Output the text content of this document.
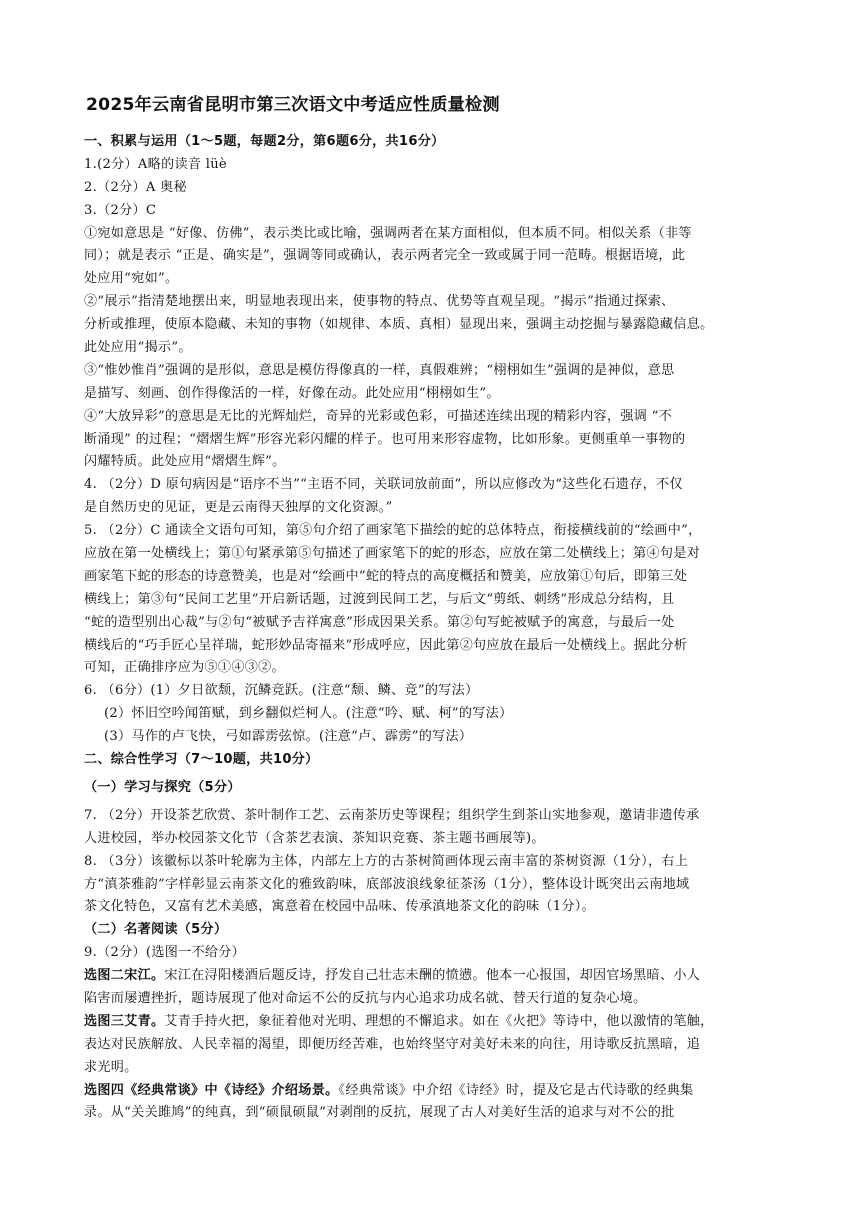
2025年云南省昆明市第三次语文中考适应性质量检测
一、积累与运用（1～5题，每题2分，第6题6分，共16分）
1.(2分）A略的读音 lüè
2.（2分）A 奥秘
3.（2分）C
①宛如意思是 “好像、仿佛”，表示类比或比喻，强调两者在某方面相似，但本质不同。相似关系（非等
同）；就是表示 “正是、确实是”，强调等同或确认，表示两者完全一致或属于同一范畴。根据语境，此
处应用“宛如”。
②“展示”指清楚地摆出来，明显地表现出来，使事物的特点、优势等直观呈现。“揭示”指通过探索、
分析或推理，使原本隐藏、未知的事物（如规律、本质、真相）显现出来，强调主动挖掘与暴露隐藏信息。
此处应用“揭示”。
③“惟妙惟肖”强调的是形似，意思是模仿得像真的一样，真假难辨；“栩栩如生”强调的是神似，意思
是描写、刻画、创作得像活的一样，好像在动。此处应用“栩栩如生”。
④“大放异彩”的意思是无比的光辉灿烂，奇异的光彩或色彩，可描述连续出现的精彩内容，强调 “不
断涌现” 的过程；“熠熠生辉”形容光彩闪耀的样子。也可用来形容虚物，比如形象。更侧重单一事物的
闪耀特质。此处应用“熠熠生辉”。
4. （2分）D 原句病因是“语序不当”“主语不同，关联词放前面”，所以应修改为“这些化石遗存，不仅
是自然历史的见证，更是云南得天独厚的文化资源。”
5. （2分）C 通读全文语句可知，第⑤句介绍了画家笔下描绘的蛇的总体特点，衔接横线前的“绘画中”，
应放在第一处横线上；第①句紧承第⑤句描述了画家笔下的蛇的形态，应放在第二处横线上；第④句是对
画家笔下蛇的形态的诗意赞美，也是对“绘画中”蛇的特点的高度概括和赞美，应放第①句后，即第三处
横线上；第③句“民间工艺里”开启新话题，过渡到民间工艺，与后文“剪纸、刺绣”形成总分结构，且
“蛇的造型别出心裁”与②句“被赋予吉祥寓意”形成因果关系。第②句写蛇被赋予的寓意，与最后一处
横线后的“巧手匠心呈祥瑞，蛇形妙品寄福来”形成呼应，因此第②句应放在最后一处横线上。据此分析
可知，正确排序应为⑤①④③②。
6. （6分）(1）夕日欲颓，沉鳞竞跃。(注意“颓、鳞、竞”的写法）
(2）怀旧空吟闻笛赋，到乡翻似烂柯人。(注意“吟、赋、柯”的写法）
(3）马作的卢飞快，弓如霹雳弦惊。(注意“卢、霹雳”的写法）
二、综合性学习（7～10题，共10分）
（一）学习与探究（5分）
7. （2分）开设茶艺欣赏、茶叶制作工艺、云南茶历史等课程；组织学生到茶山实地参观，邀请非遗传承
人进校园，举办校园茶文化节（含茶艺表演、茶知识竞赛、茶主题书画展等)。
8. （3分）该徽标以茶叶轮廓为主体，内部左上方的古茶树简画体现云南丰富的茶树资源（1分），右上
方“滇茶雅韵”字样彰显云南茶文化的雅致韵味，底部波浪线象征茶汤（1分），整体设计既突出云南地域
茶文化特色，又富有艺术美感，寓意着在校园中品味、传承滇地茶文化的韵味（1分）。
（二）名著阅读（5分）
9.（2分）(选图一不给分）
选图二宋江。宋江在浔阳楼酒后题反诗，抒发自己壮志未酬的愤懑。他本一心报国，却因官场黑暗、小人
陷害而屡遭挫折，题诗展现了他对命运不公的反抗与内心追求功成名就、替天行道的复杂心境。
选图三艾青。艾青手持火把，象征着他对光明、理想的不懈追求。如在《火把》等诗中，他以激情的笔触，
表达对民族解放、人民幸福的渴望，即便历经苦难，也始终坚守对美好未来的向往，用诗歌反抗黑暗，追
求光明。
选图四《经典常谈》中《诗经》介绍场景。《经典常谈》中介绍《诗经》时，提及它是古代诗歌的经典集
录。从“关关雎鸠”的纯真，到“硕鼠硕鼠”对剥削的反抗，展现了古人对美好生活的追求与对不公的批
